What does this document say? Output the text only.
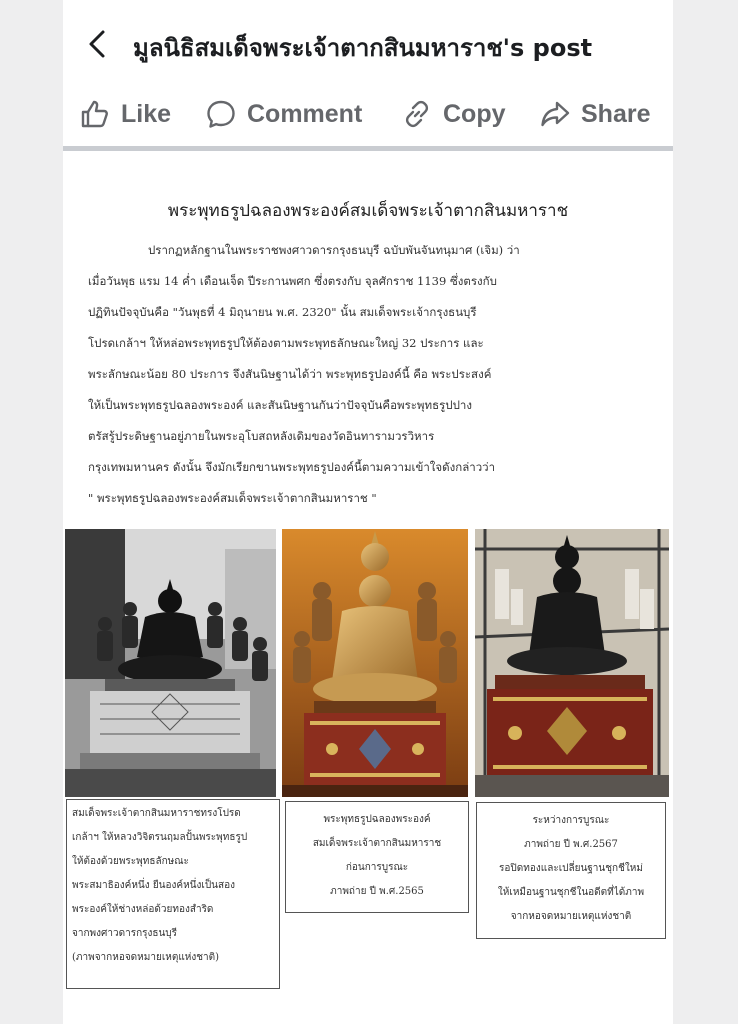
มูลนิธิสมเด็จพระเจ้าตากสินมหาราช's post
Like	Comment	Copy	Share
พระพุทธรูปฉลองพระองค์สมเด็จพระเจ้าตากสินมหาราช
ปรากฏหลักฐานในพระราชพงศาวดารกรุงธนบุรี ฉบับพันจันทนุมาศ (เจิม) ว่า
เมื่อวันพุธ แรม 14 ค่ำ เดือนเจ็ด ปีระกานพศก ซึ่งตรงกับ จุลศักราช 1139 ซึ่งตรงกับ
ปฏิทินปัจจุบันคือ "วันพุธที่ 4 มิถุนายน พ.ศ. 2320" นั้น สมเด็จพระเจ้ากรุงธนบุรี
โปรดเกล้าฯ ให้หล่อพระพุทธรูปให้ต้องตามพระพุทธลักษณะใหญ่ 32 ประการ และ
พระลักษณะน้อย 80 ประการ จึงสันนิษฐานได้ว่า พระพุทธรูปองค์นี้ คือ พระประสงค์
ให้เป็นพระพุทธรูปฉลองพระองค์ และสันนิษฐานกันว่าปัจจุบันคือพระพุทธรูปปาง
ตรัสรู้ประดิษฐานอยู่ภายในพระอุโบสถหลังเดิมของวัดอินทารามวรวิหาร
กรุงเทพมหานคร ดังนั้น จึงมักเรียกขานพระพุทธรูปองค์นี้ตามความเข้าใจดังกล่าวว่า
" พระพุทธรูปฉลองพระองค์สมเด็จพระเจ้าตากสินมหาราช "
สมเด็จพระเจ้าตากสินมหาราชทรงโปรด
เกล้าฯ ให้หลวงวิจิตรนฤมลปั้นพระพุทธรูป
ให้ต้องด้วยพระพุทธลักษณะ
พระสมาธิองค์หนึ่ง ยืนองค์หนึ่งเป็นสอง
พระองค์ให้ช่างหล่อด้วยทองสำริด
จากพงศาวดารกรุงธนบุรี
(ภาพจากหอจดหมายเหตุแห่งชาติ)
พระพุทธรูปฉลองพระองค์
สมเด็จพระเจ้าตากสินมหาราช
ก่อนการบูรณะ
ภาพถ่าย ปี พ.ศ.2565
ระหว่างการบูรณะ
ภาพถ่าย ปี พ.ศ.2567
รอปิดทองและเปลี่ยนฐานชุกชีใหม่
ให้เหมือนฐานชุกชีในอดีตที่ได้ภาพ
จากหอจดหมายเหตุแห่งชาติ
